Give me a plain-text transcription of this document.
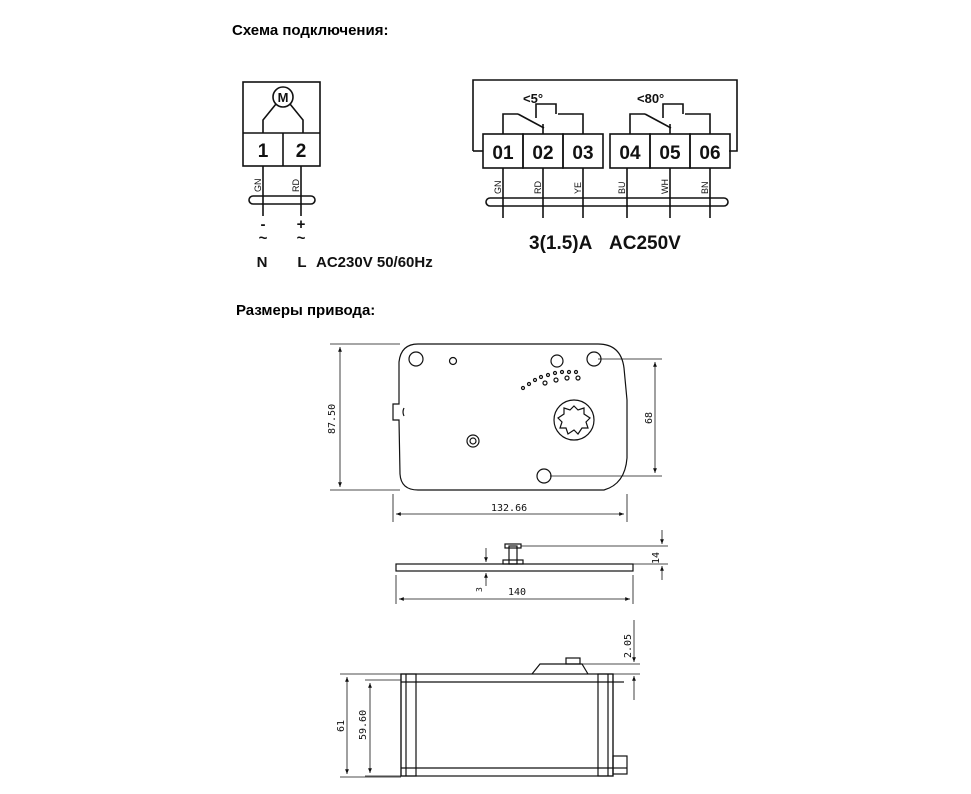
Схема подключения:
Размеры привода:
M
1 2
GN	RD
-
~
+
~
N L AC230V 50/60Hz
<5°	<80°
01 02 03 04 05 06
GN	RD	YE	BU	WH	BN
3(1.5)A AC250V
87.50	68
132.66
14
3 140
61 59.60
2.05
